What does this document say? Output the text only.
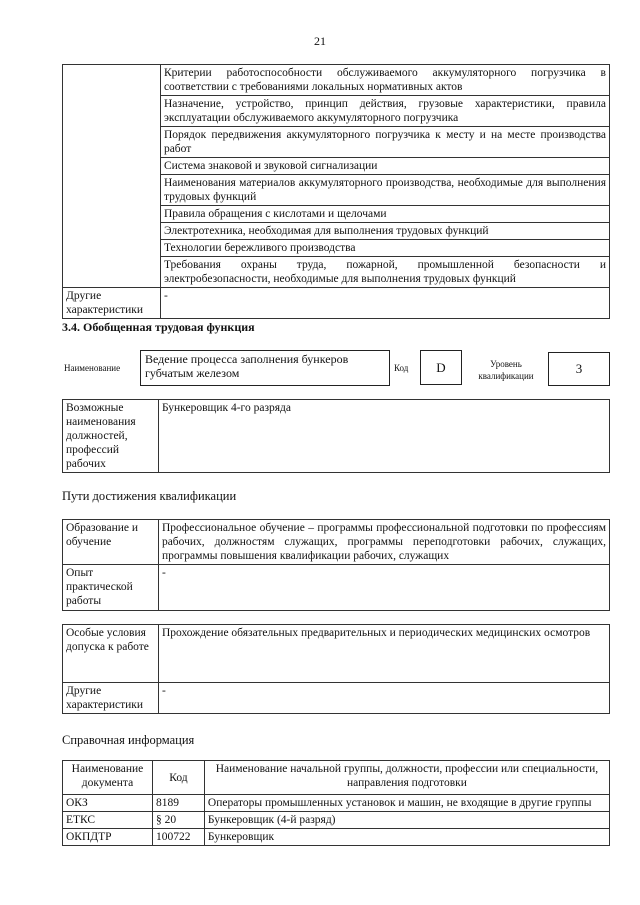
21
	Критерии работоспособности обслуживаемого аккумуляторного погрузчика в соответствии с требованиями локальных нормативных актов
	Назначение, устройство, принцип действия, грузовые характеристики, правила эксплуатации обслуживаемого аккумуляторного погрузчика
	Порядок передвижения аккумуляторного погрузчика к месту и на месте производства работ
	Система знаковой и звуковой сигнализации
	Наименования материалов аккумуляторного производства, необходимые для выполнения трудовых функций
	Правила обращения с кислотами и щелочами
	Электротехника, необходимая для выполнения трудовых функций
	Технологии бережливого производства
	Требования охраны труда, пожарной, промышленной безопасности и электробезопасности, необходимые для выполнения трудовых функций
Другие характеристики	-
3.4. Обобщенная трудовая функция
Наименование
Ведение процесса заполнения бункеров губчатым железом	Код	D	Уровень квалификации	3
Возможные наименования должностей, профессий рабочих	Бункеровщик 4-го разряда
Пути достижения квалификации
Образование и обучение	Профессиональное обучение – программы профессиональной подготовки по профессиям рабочих, должностям служащих, программы переподготовки рабочих, служащих, программы повышения квалификации рабочих, служащих
Опыт практической работы	-
Особые условия допуска к работе	Прохождение обязательных предварительных и периодических медицинских осмотров
Другие характеристики	-
Справочная информация
Наименование документа	Код	Наименование начальной группы, должности, профессии или специальности, направления подготовки
ОКЗ	8189	Операторы промышленных установок и машин, не входящие в другие группы
ЕТКС	§ 20	Бункеровщик (4-й разряд)
ОКПДТР	100722	Бункеровщик
